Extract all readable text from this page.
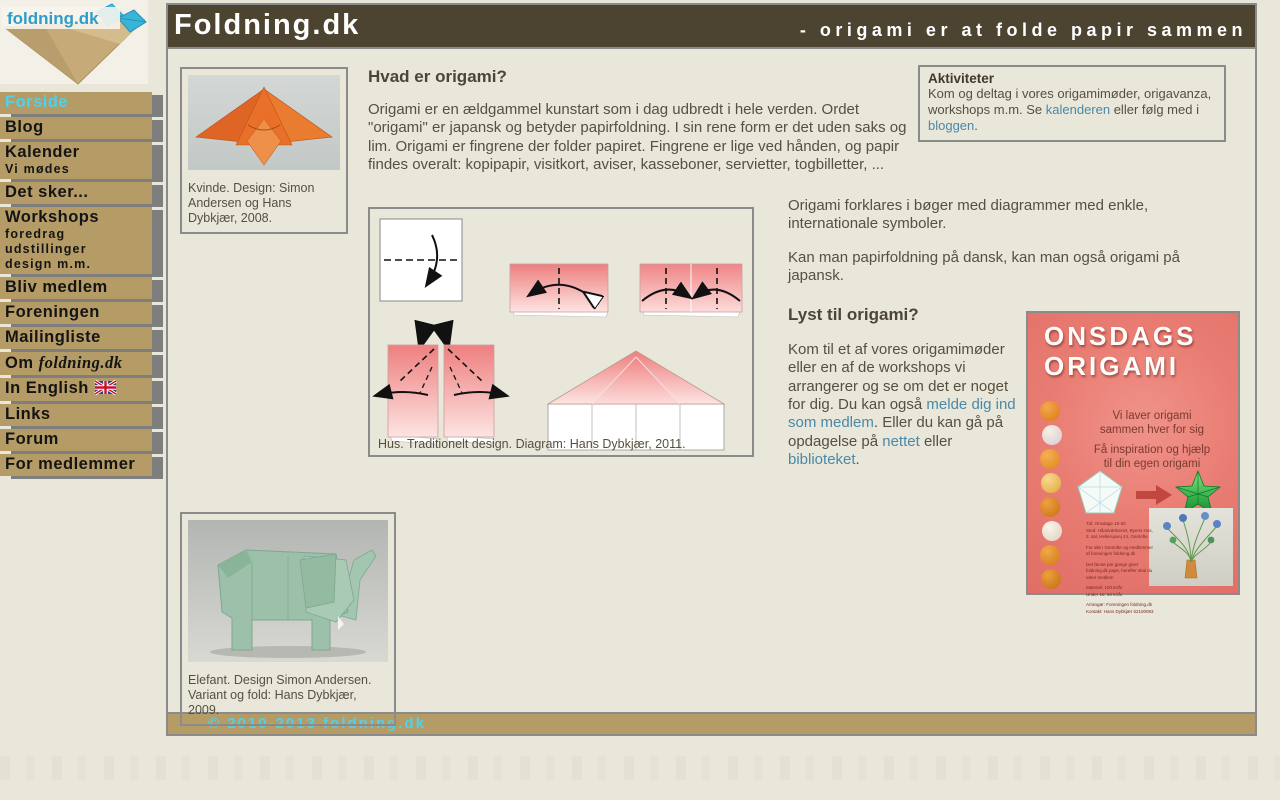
foldning.dk
Forside
Blog
Kalender
Vi mødes
Det sker...
Workshops
foredrag
udstillinger
design m.m.
Bliv medlem
Foreningen
Mailingliste
Om foldning.dk
In English
Links
Forum
For medlemmer
Foldning.dk	- origami er at folde papir sammen
Kvinde. Design: Simon Andersen og Hans Dybkjær, 2008.
Hvad er origami?

Origami er en ældgammel kunstart som i dag udbredt i hele verden. Ordet "origami" er japansk og betyder papirfoldning. I sin rene form er det uden saks og lim. Origami er fingrene der folder papiret. Fingrene er lige ved hånden, og papir findes overalt: kopipapir, visitkort, aviser, kasseboner, servietter, togbilletter, ...

Aktiviteter
Kom og deltag i vores origamimøder, origavanza, workshops m.m. Se kalenderen eller følg med i bloggen.
Hus. Traditionelt design. Diagram: Hans Dybkjær, 2011.

Origami forklares i bøger med diagrammer med enkle, internationale symboler.

Kan man papirfoldning på dansk, kan man også origami på japansk.

Lyst til origami?

Kom til et af vores origamimøder eller en af de workshops vi arrangerer og se om det er noget for dig. Du kan også melde dig ind som medlem. Eller du kan gå på opdagelse på nettet eller biblioteket.

ONSDAGS
ORIGAMI
Vi laver origami
sammen hver for sig
Få inspiration og hjælp
til din egen origami
Tid: Onsdage 15-20
Sted: Håndværkeriet, Byens Hus,
3. sal, Hellerupvej 24, Gentofte
For alle i Gentofte og medlemmer
af foreningen foldning.dk
Det første par gange giver
foldning.dk papir, herefter skal du
være medlem
Materiel: 100 kr/år
Under 18: 50 kr/år
Arrangør: Foreningen foldning.dk
Kontakt: Hans Dybkjær 52100083
Elefant. Design Simon Andersen.
Variant og fold: Hans Dybkjær, 2009.
© 2010-2013 foldning.dk
